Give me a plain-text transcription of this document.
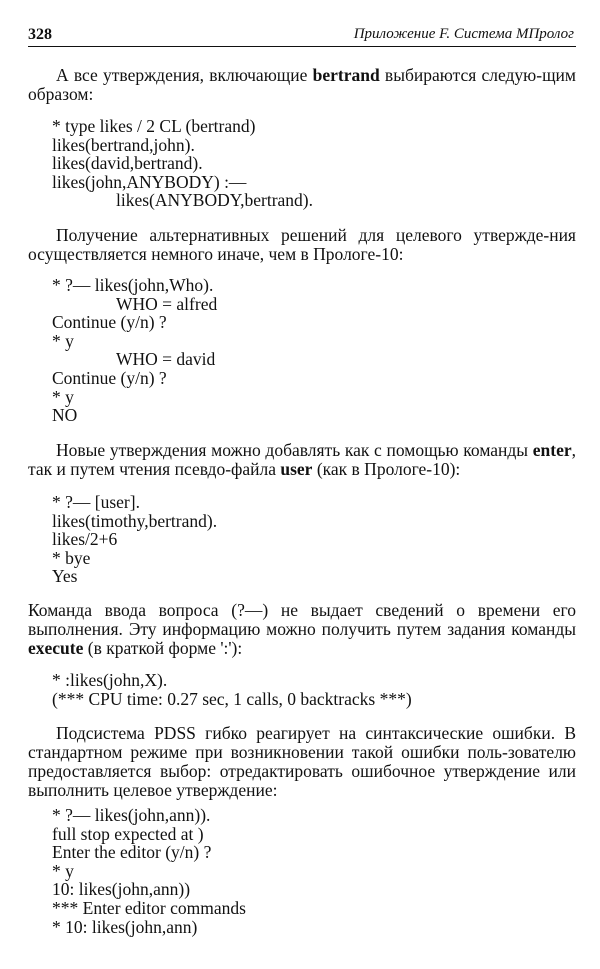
328	Приложение F. Система МПролог

А все утверждения, включающие bertrand выбираются следую-щим образом:

* type likes / 2 CL (bertrand)
likes(bertrand,john).
likes(david,bertrand).
likes(john,ANYBODY) :—
likes(ANYBODY,bertrand).

Получение альтернативных решений для целевого утвержде-ния осуществляется немного иначе, чем в Прологе-10:

* ?— likes(john,Who).
WHO = alfred
Continue (y/n) ?
* y
WHO = david
Continue (y/n) ?
* y
NO

Новые утверждения можно добавлять как с помощью команды enter, так и путем чтения псевдо-файла user (как в Прологе-10):

* ?— [user].
likes(timothy,bertrand).
likes/2+6
* bye
Yes

Команда ввода вопроса (?—) не выдает сведений о времени его выполнения. Эту информацию можно получить путем задания команды execute (в краткой форме ':'):

* :likes(john,X).
(*** CPU time: 0.27 sec, 1 calls, 0 backtracks ***)

Подсистема PDSS гибко реагирует на синтаксические ошибки. В стандартном режиме при возникновении такой ошибки поль-зователю предоставляется выбор: отредактировать ошибочное утверждение или выполнить целевое утверждение:

* ?— likes(john,ann)).
full stop expected at )
Enter the editor (y/n) ?
* y
10: likes(john,ann))
*** Enter editor commands
* 10: likes(john,ann)
